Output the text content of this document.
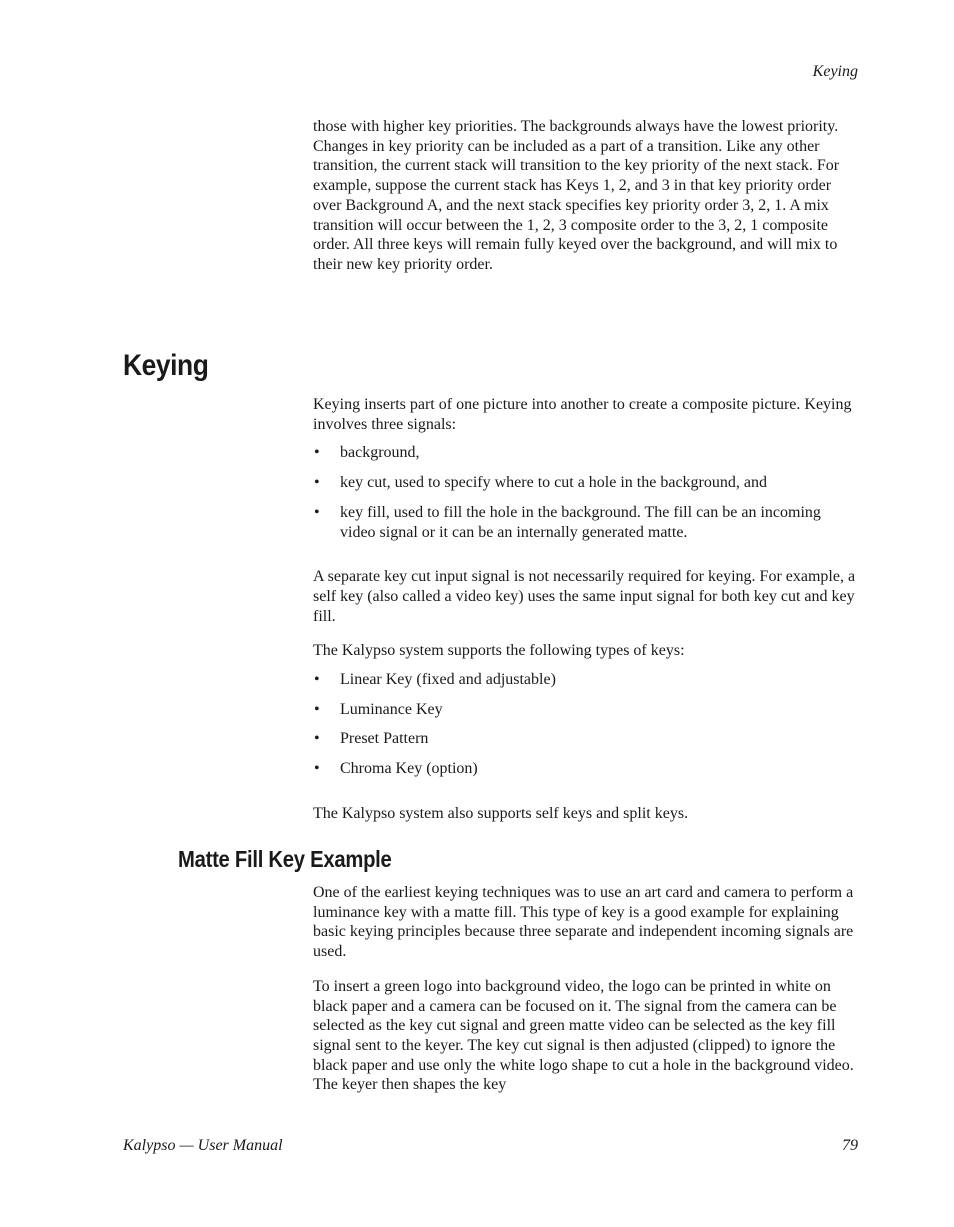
Keying

those with higher key priorities. The backgrounds always have the lowest priority. Changes in key priority can be included as a part of a transition. Like any other transition, the current stack will transition to the key priority of the next stack. For example, suppose the current stack has Keys 1, 2, and 3 in that key priority order over Background A, and the next stack specifies key priority order 3, 2, 1. A mix transition will occur between the 1, 2, 3 composite order to the 3, 2, 1 composite order. All three keys will remain fully keyed over the background, and will mix to their new key priority order.

Keying

Keying inserts part of one picture into another to create a composite picture. Keying involves three signals:

• background,
• key cut, used to specify where to cut a hole in the background, and
• key fill, used to fill the hole in the background. The fill can be an incoming video signal or it can be an internally generated matte.

A separate key cut input signal is not necessarily required for keying. For example, a self key (also called a video key) uses the same input signal for both key cut and key fill.

The Kalypso system supports the following types of keys:

• Linear Key (fixed and adjustable)
• Luminance Key
• Preset Pattern
• Chroma Key (option)

The Kalypso system also supports self keys and split keys.

Matte Fill Key Example

One of the earliest keying techniques was to use an art card and camera to perform a luminance key with a matte fill. This type of key is a good example for explaining basic keying principles because three separate and independent incoming signals are used.

To insert a green logo into background video, the logo can be printed in white on black paper and a camera can be focused on it. The signal from the camera can be selected as the key cut signal and green matte video can be selected as the key fill signal sent to the keyer. The key cut signal is then adjusted (clipped) to ignore the black paper and use only the white logo shape to cut a hole in the background video. The keyer then shapes the key

Kalypso — User Manual	79
